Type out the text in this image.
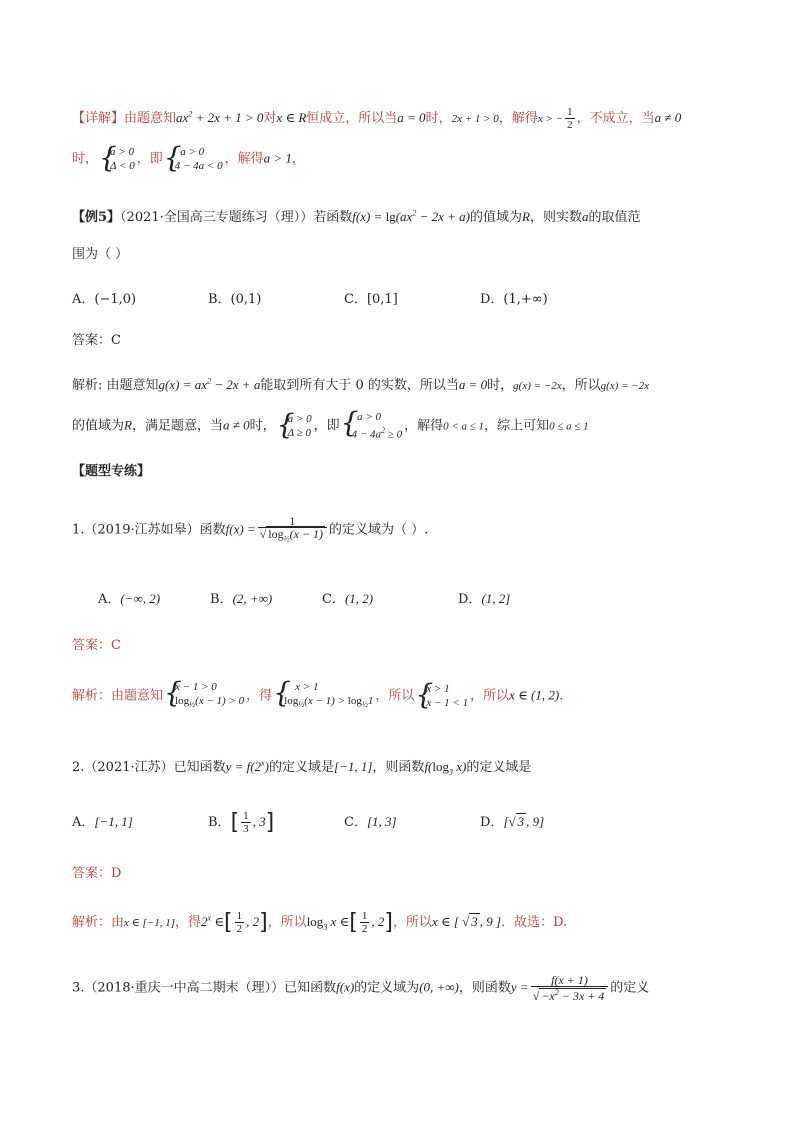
【详解】由题意知$ax^2 + 2x + 1 > 0$对x ∈ R恒成立，所以当a = 0时，2x + 1 > 0，解得x > − $\frac{1}{2}$ ，不成立，当a ≠ 0
时， { a > 0
Δ < 0 ，即 {   a > 0
4 − 4a < 0 ，解得a > 1，
【例5】（2021·全国高三专题练习（理））若函数$f(x) = \lg(ax^2 - 2x + a)$的值域为R，则实数a的取值范
围为（ ）
A．(−1,0)	B．(0,1)	C．[0,1]	D．(1,+∞)
答案：C
解析: 由题意知$g(x) = ax^2 - 2x + a$能取到所有大于 0 的实数，所以当a = 0时，g(x) = −2x，所以g(x) = −2x
的值域为R，满足题意，当a ≠ 0时， { a > 0
Δ ≥ 0 ，即
{   a > 0
$4 - 4a^2 \ge 0$
，解得0 < a ≤ 1，综上可知0 ≤ a ≤ 1
【题型专练】
1.（2019·江苏如皋）函数$f(x) = \frac{1}{√ \log_{\frac{1}{2}}(x - 1)}$ 的定义域为（ ）.
A．(−∞, 2)	B．(2, +∞)	C．(1, 2)	D．(1, 2]
答案：C
解析：由题意知
{ x − 1 > 0
$\log_{\frac{1}{2}}(x - 1) > 0$ ，得
{     x > 1
$\log_{\frac{1}{2}}(x - 1) > \log_{\frac{1}{2}}1$ ，所以 { x > 1
x − 1 < 1 ，所以x ∈ (1, 2).
2.（2021·江苏）已知函数$y = f(2^x)$的定义域是[−1, 1]，则函数$f(\log_3$ x)的定义域是
A．[−1, 1]	B．[ $\frac{1}{3}$ , 3]	C．[1, 3]	D．[√ 3 , 9]
答案：D
解析：由x ∈ [−1, 1]，得2$^x$ ∈[ $\frac{1}{2}$ , 2]，所以$\log_3 x$ ∈[ $\frac{1}{2}$ , 2]，所以x ∈ [ √ 3 , 9 ]．故选：D.
3.（2018·重庆一中高二期末（理））已知函数f(x)的定义域为(0, +∞)，则函数$y = \frac{f(x + 1)}{√ -x^2 - 3x + 4}$ 的定义
